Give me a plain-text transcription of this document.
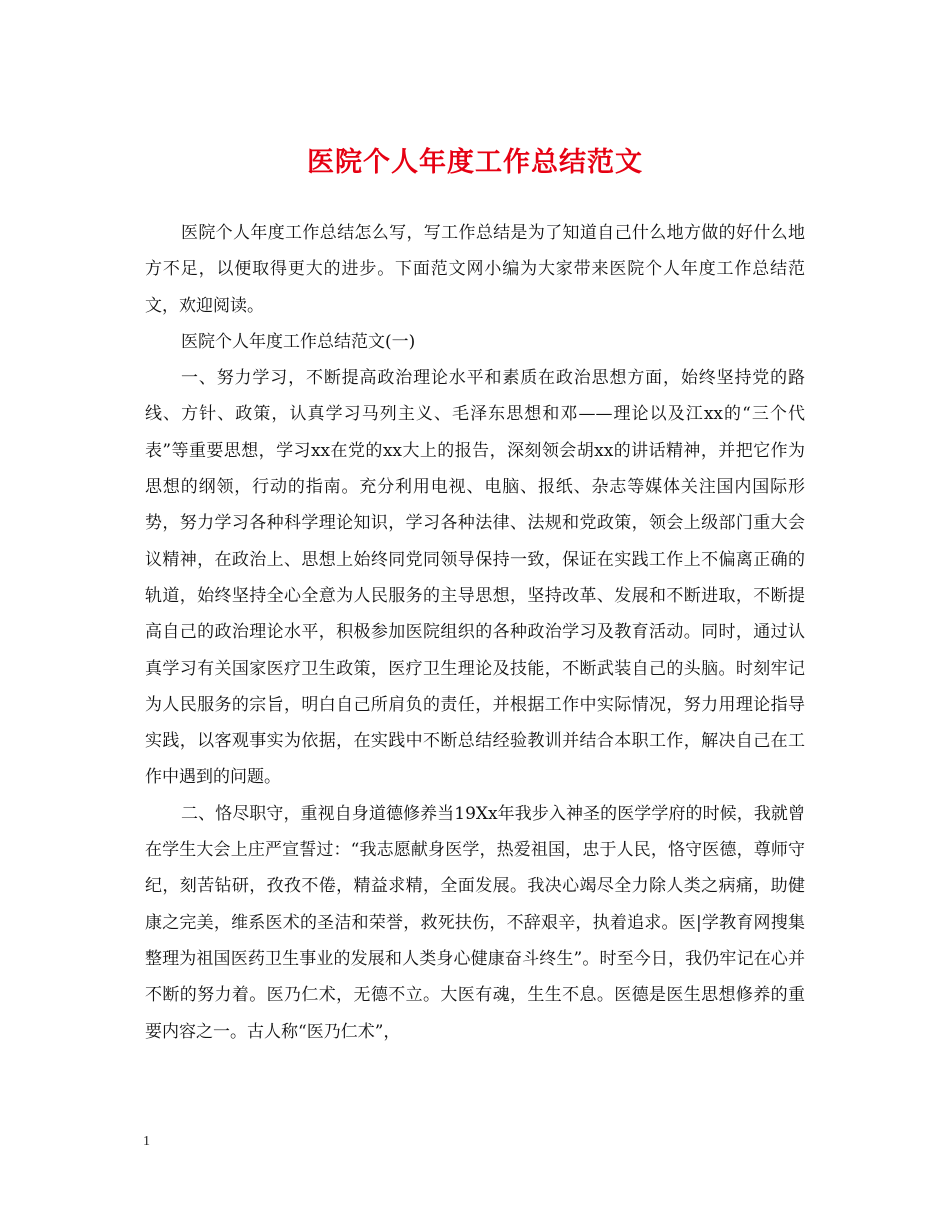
医院个人年度工作总结范文

医院个人年度工作总结怎么写，写工作总结是为了知道自己什么地方做的好什么地方不足，以便取得更大的进步。下面范文网小编为大家带来医院个人年度工作总结范文，欢迎阅读。

医院个人年度工作总结范文(一)

一、努力学习，不断提高政治理论水平和素质在政治思想方面，始终坚持党的路线、方针、政策，认真学习马列主义、毛泽东思想和邓——理论以及江xx的“三个代表”等重要思想，学习xx在党的xx大上的报告，深刻领会胡xx的讲话精神，并把它作为思想的纲领，行动的指南。充分利用电视、电脑、报纸、杂志等媒体关注国内国际形势，努力学习各种科学理论知识，学习各种法律、法规和党政策，领会上级部门重大会议精神，在政治上、思想上始终同党同领导保持一致，保证在实践工作上不偏离正确的轨道，始终坚持全心全意为人民服务的主导思想，坚持改革、发展和不断进取，不断提高自己的政治理论水平，积极参加医院组织的各种政治学习及教育活动。同时，通过认真学习有关国家医疗卫生政策，医疗卫生理论及技能，不断武装自己的头脑。时刻牢记为人民服务的宗旨，明白自己所肩负的责任，并根据工作中实际情况，努力用理论指导实践，以客观事实为依据，在实践中不断总结经验教训并结合本职工作，解决自己在工作中遇到的问题。

二、恪尽职守，重视自身道德修养当19Xx年我步入神圣的医学学府的时候，我就曾在学生大会上庄严宣誓过：“我志愿献身医学，热爱祖国，忠于人民，恪守医德，尊师守纪，刻苦钻研，孜孜不倦，精益求精，全面发展。我决心竭尽全力除人类之病痛，助健康之完美，维系医术的圣洁和荣誉，救死扶伤，不辞艰辛，执着追求。医|学教育网搜集整理为祖国医药卫生事业的发展和人类身心健康奋斗终生”。时至今日，我仍牢记在心并不断的努力着。医乃仁术，无德不立。大医有魂，生生不息。医德是医生思想修养的重要内容之一。古人称“医乃仁术”，

1
